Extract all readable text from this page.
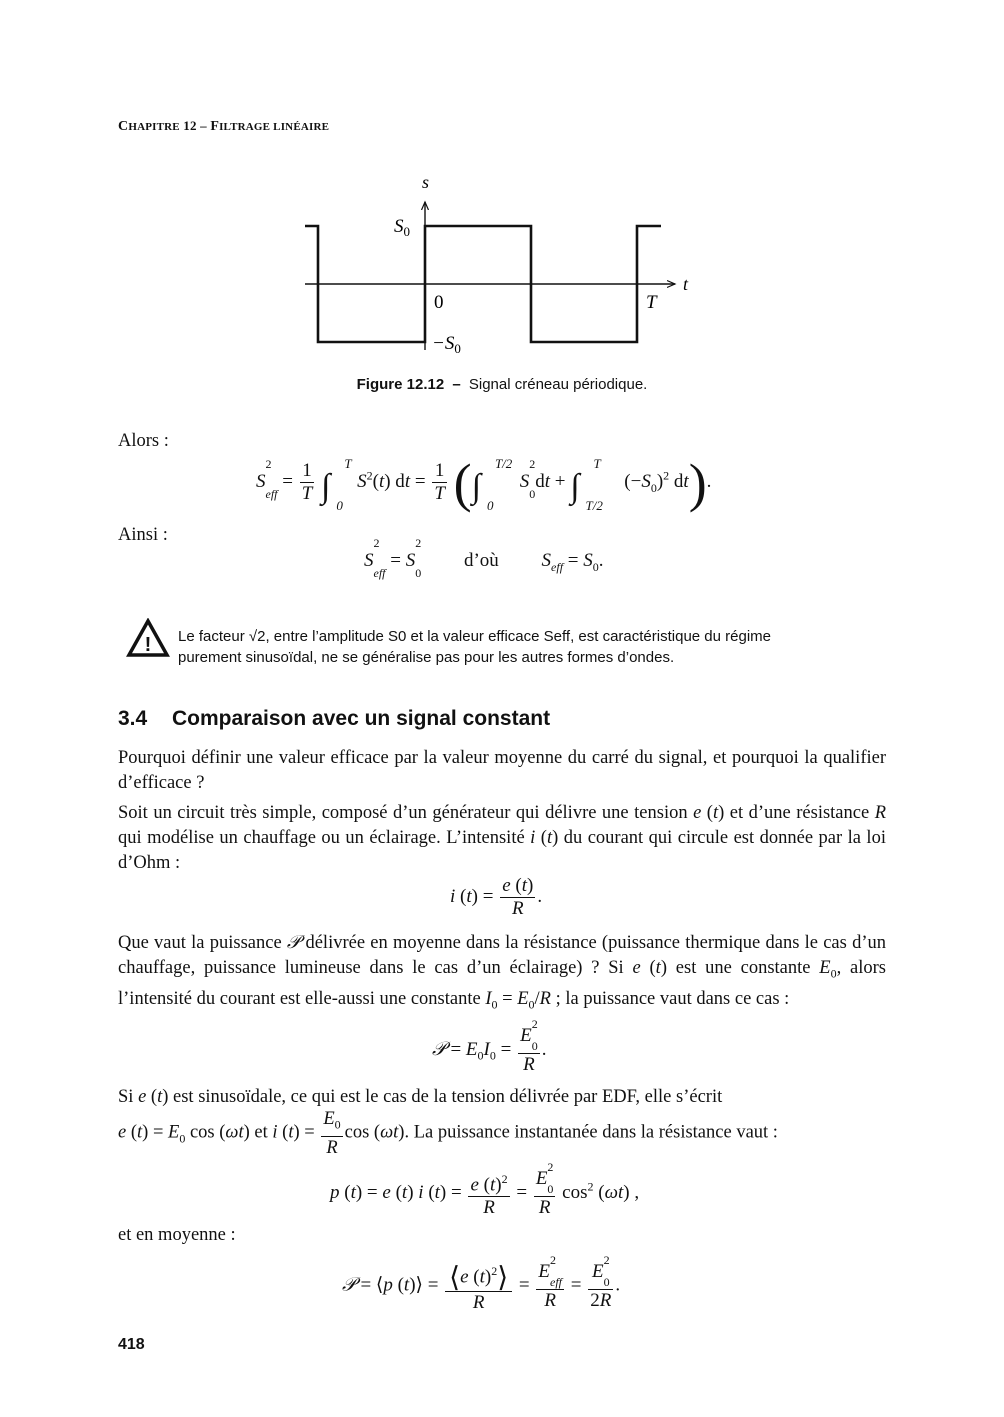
CHAPITRE 12 – FILTRAGE LINÉAIRE
s
t
$S_0$
0	T
$-S_0$
Figure 12.12 – Signal créneau périodique.
Alors :
S
2
$_{eff} = \frac{1}{T}$ ∫
T
0
$S^2(t)$ dt = $\frac{1}{T}$ (∫
T/2
0
S
2
$_0$dt + ∫
T
T/2
$(-S_0)^2$ dt).
Ainsi :
S
2
$_{eff}$ = S
2
$_0$ d’où $S_{eff} = S_0$.
! Le facteur √2, entre l’amplitude S0 et la valeur efficace Seff, est caractéristique du régime
purement sinusoïdal, ne se généralise pas pour les autres formes d’ondes.
3.4 Comparaison avec un signal constant
Pourquoi définir une valeur efficace par la valeur moyenne du carré du signal, et pourquoi la qualifier d’efficace ?
Soit un circuit très simple, composé d’un générateur qui délivre une tension e (t) et d’une résistance R qui modélise un chauffage ou un éclairage. L’intensité i (t) du courant qui circule est donnée par la loi d’Ohm :
i $(t) = \frac{e (t)}{R}$ .
Que vaut la puissance 𝒫 délivrée en moyenne dans la résistance (puissance thermique dans le cas d’un chauffage, puissance lumineuse dans le cas d’un éclairage) ? Si e (t) est une constante $E_0$, alors l’intensité du courant est elle-aussi une constante $I_0 = E_0/R$ ; la puissance vaut dans ce cas :
𝒫 = $E_0I_0 = E$
2
$_0$
R .
Si e (t) est sinusoïdale, ce qui est le cas de la tension délivrée par EDF, elle s’écrit
e $(t) = E_0$ cos (ωt) et i $(t) = \frac{E_0}{R}$ cos (ωt). La puissance instantanée dans la résistance vaut :
p (t) = e (t) i $(t) = \frac{e (t)^2}{R} = E$
2
$_0$
R $\cos^2 (\omega t)$ ,
et en moyenne :
𝒫 = ⟨p (t)⟩ = $\frac{⟨e (t)^2⟩}{R} = E$
2
$_{eff}$
R = E
2
$_0$
2R .
418
